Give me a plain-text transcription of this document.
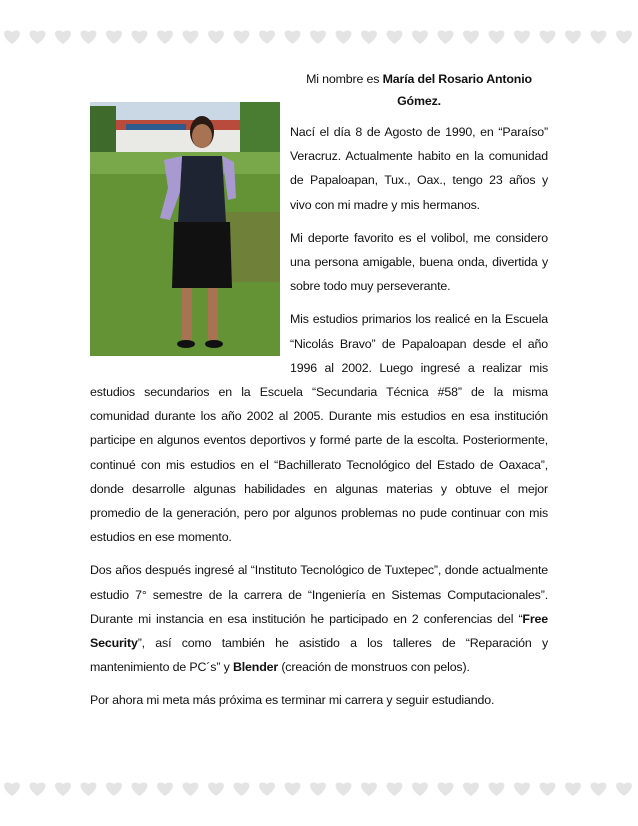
Mi nombre es María del Rosario Antonio Gómez.

Nací el día 8 de Agosto de 1990, en “Paraíso” Veracruz. Actualmente habito en la comunidad de Papaloapan, Tux., Oax., tengo 23 años y vivo con mi madre y mis hermanos.

Mi deporte favorito es el volibol, me considero una persona amigable, buena onda, divertida y sobre todo muy perseverante.

Mis estudios primarios los realicé en la Escuela “Nicolás Bravo” de Papaloapan desde el año 1996 al 2002. Luego ingresé a realizar mis estudios secundarios en la Escuela “Secundaria Técnica #58” de la misma comunidad durante los año 2002 al 2005. Durante mis estudios en esa institución participe en algunos eventos deportivos y formé parte de la escolta. Posteriormente, continué con mis estudios en el “Bachillerato Tecnológico del Estado de Oaxaca”, donde desarrolle algunas habilidades en algunas materias y obtuve el mejor promedio de la generación, pero por algunos problemas no pude continuar con mis estudios en ese momento.

Dos años después ingresé al “Instituto Tecnológico de Tuxtepec”, donde actualmente estudio 7° semestre de la carrera de “Ingeniería en Sistemas Computacionales”. Durante mi instancia en esa institución he participado en 2 conferencias del “Free Security”, así como también he asistido a los talleres de “Reparación y mantenimiento de PC´s” y Blender (creación de monstruos con pelos).

Por ahora mi meta más próxima es terminar mi carrera y seguir estudiando.
